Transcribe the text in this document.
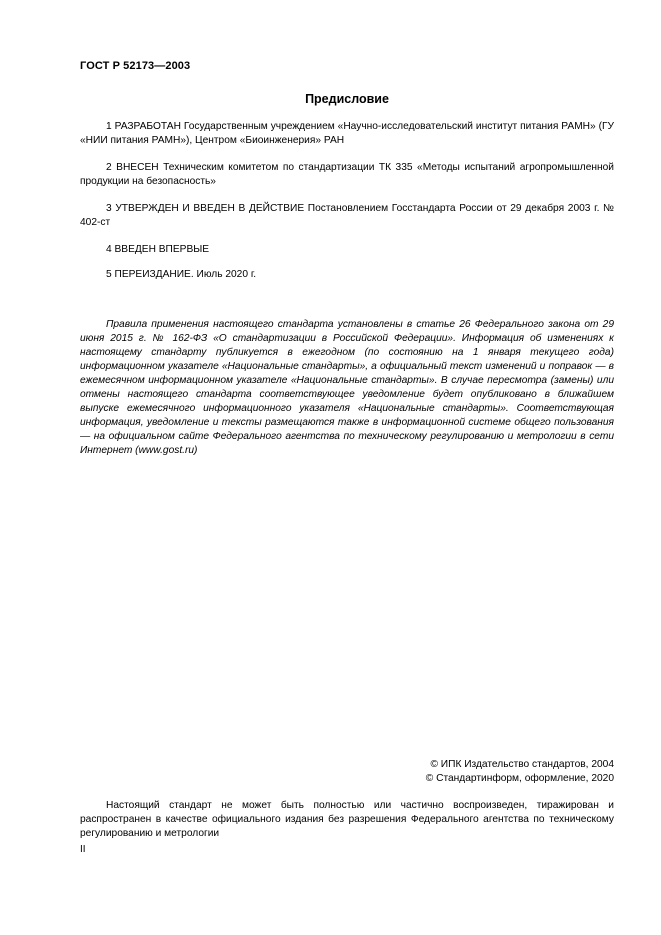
ГОСТ Р 52173—2003
Предисловие

1 РАЗРАБОТАН Государственным учреждением «Научно-исследовательский институт питания РАМН» (ГУ «НИИ питания РАМН»), Центром «Биоинженерия» РАН

2 ВНЕСЕН Техническим комитетом по стандартизации ТК 335 «Методы испытаний агропромышленной продукции на безопасность»

3 УТВЕРЖДЕН И ВВЕДЕН В ДЕЙСТВИЕ Постановлением Госстандарта России от 29 декабря 2003 г. № 402-ст

4 ВВЕДЕН ВПЕРВЫЕ

5 ПЕРЕИЗДАНИЕ. Июль 2020 г.

Правила применения настоящего стандарта установлены в статье 26 Федерального закона от 29 июня 2015 г. № 162-ФЗ «О стандартизации в Российской Федерации». Информация об изменениях к настоящему стандарту публикуется в ежегодном (по состоянию на 1 января текущего года) информационном указателе «Национальные стандарты», а официальный текст изменений и поправок — в ежемесячном информационном указателе «Национальные стандарты». В случае пересмотра (замены) или отмены настоящего стандарта соответствующее уведомление будет опубликовано в ближайшем выпуске ежемесячного информационного указателя «Национальные стандарты». Соответствующая информация, уведомление и тексты размещаются также в информационной системе общего пользования — на официальном сайте Федерального агентства по техническому регулированию и метрологии в сети Интернет (www.gost.ru)

© ИПК Издательство стандартов, 2004
© Стандартинформ, оформление, 2020

Настоящий стандарт не может быть полностью или частично воспроизведен, тиражирован и распространен в качестве официального издания без разрешения Федерального агентства по техническому регулированию и метрологии

II
